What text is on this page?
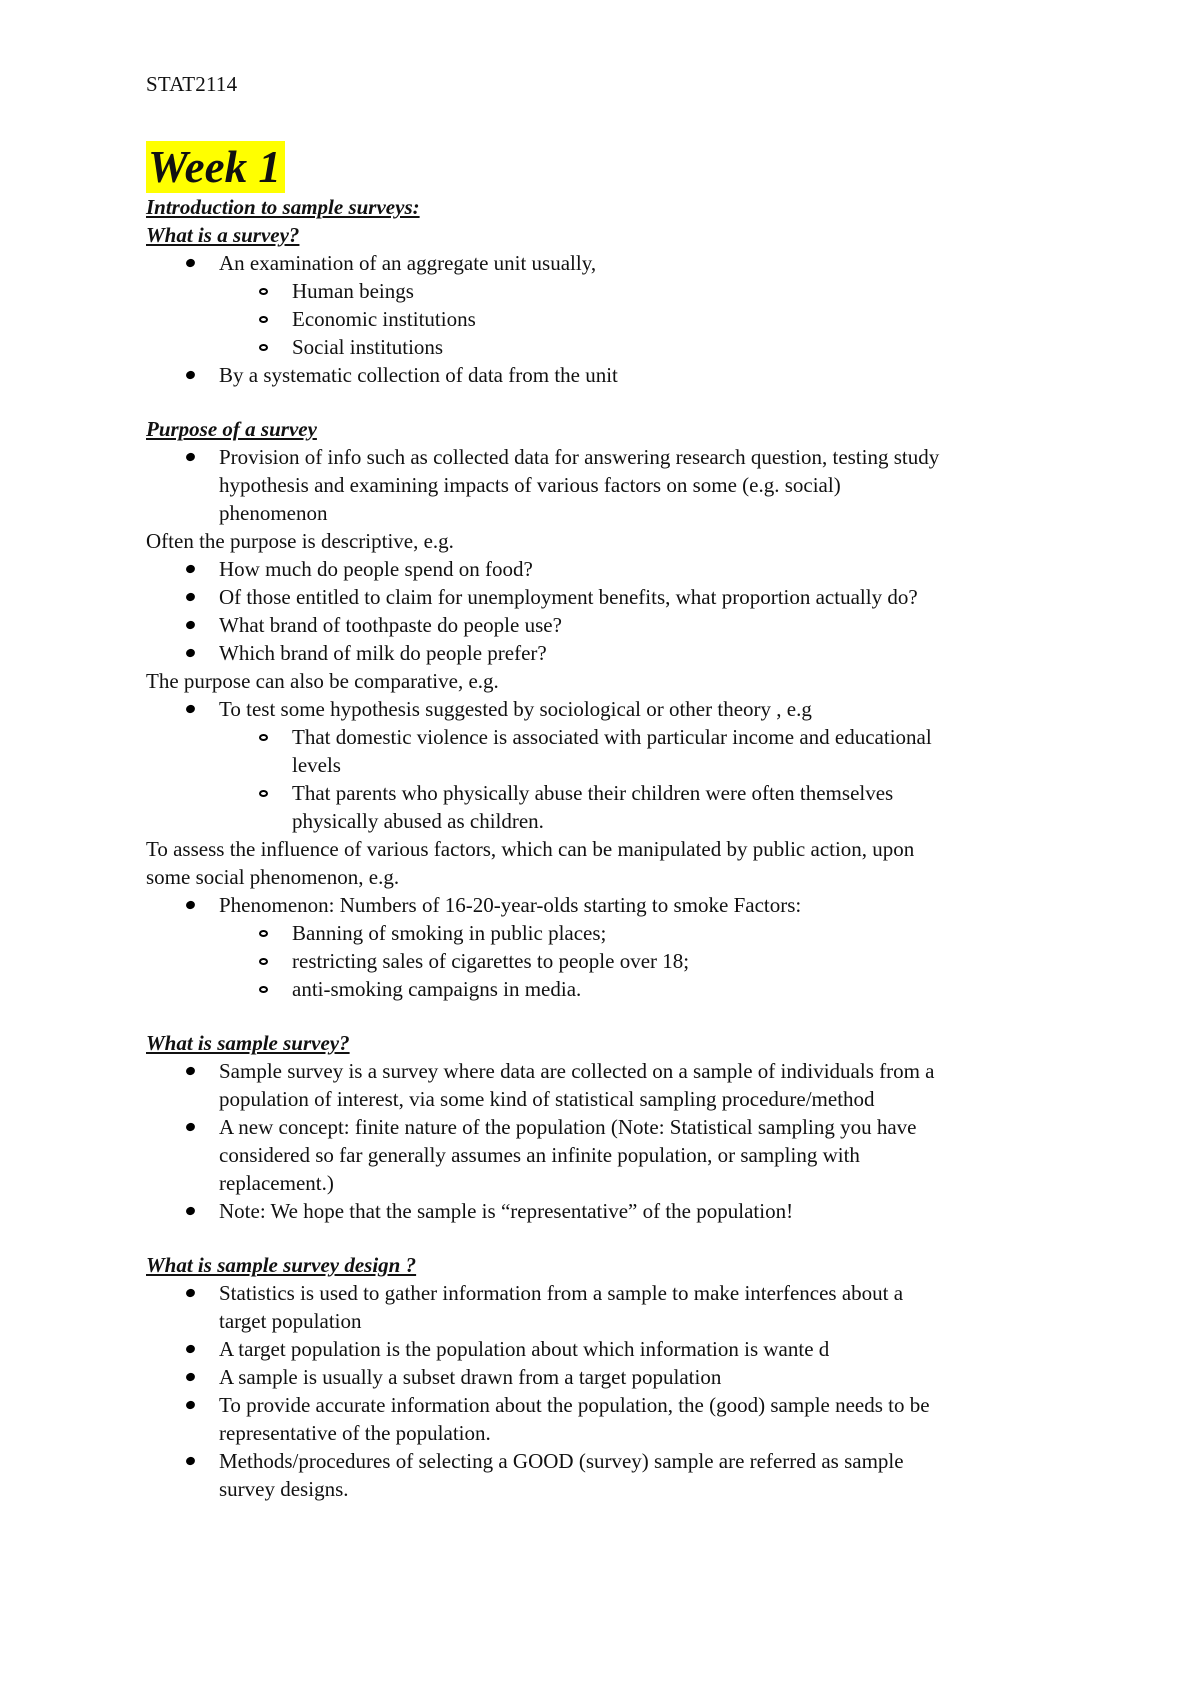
STAT2114
Week 1
Introduction to sample surveys:
What is a survey?
An examination of an aggregate unit usually,
Human beings
Economic institutions
Social institutions
By a systematic collection of data from the unit
Purpose of a survey
Provision of info such as collected data for answering research question, testing study
hypothesis and examining impacts of various factors on some (e.g. social)
phenomenon
Often the purpose is descriptive, e.g.
How much do people spend on food?
Of those entitled to claim for unemployment benefits, what proportion actually do?
What brand of toothpaste do people use?
Which brand of milk do people prefer?
The purpose can also be comparative, e.g.
To test some hypothesis suggested by sociological or other theory , e.g
That domestic violence is associated with particular income and educational
levels
That parents who physically abuse their children were often themselves
physically abused as children.
To assess the influence of various factors, which can be manipulated by public action, upon
some social phenomenon, e.g.
Phenomenon: Numbers of 16-20-year-olds starting to smoke Factors:
Banning of smoking in public places;
restricting sales of cigarettes to people over 18;
anti-smoking campaigns in media.
What is sample survey?
Sample survey is a survey where data are collected on a sample of individuals from a
population of interest, via some kind of statistical sampling procedure/method
A new concept: finite nature of the population (Note: Statistical sampling you have
considered so far generally assumes an infinite population, or sampling with
replacement.)
Note: We hope that the sample is “representative” of the population!
What is sample survey design ?
Statistics is used to gather information from a sample to make interfences about a
target population
A target population is the population about which information is wante d
A sample is usually a subset drawn from a target population
To provide accurate information about the population, the (good) sample needs to be
representative of the population.
Methods/procedures of selecting a GOOD (survey) sample are referred as sample
survey designs.
